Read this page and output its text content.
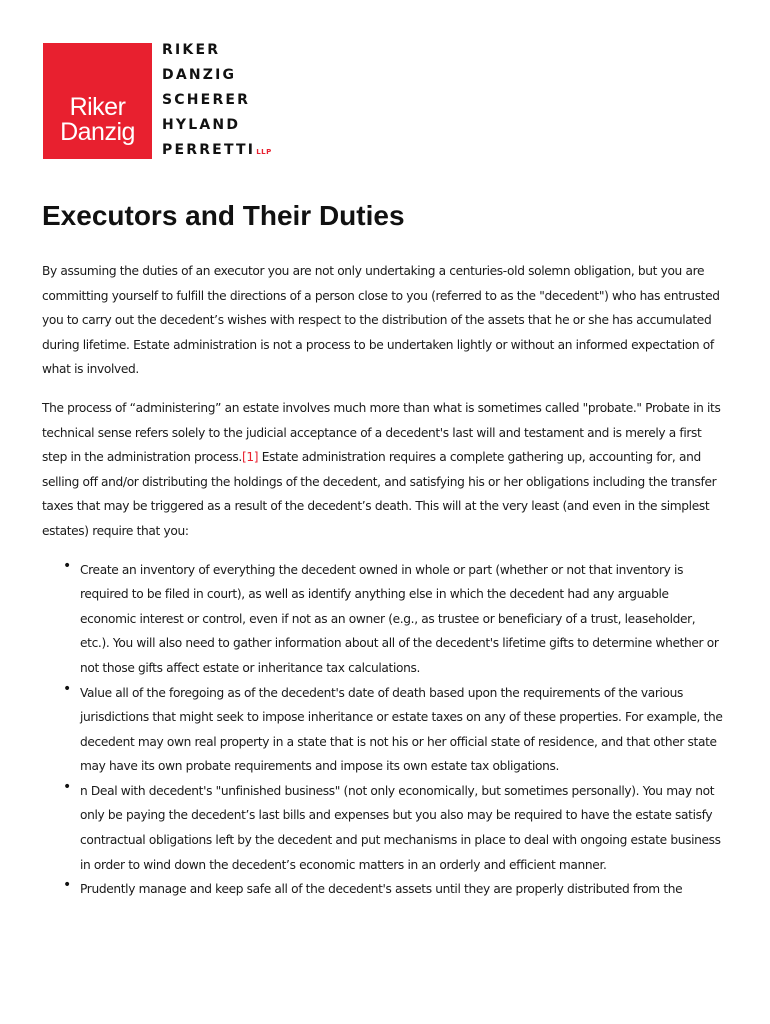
Riker
Danzig
RIKER
DANZIG
SCHERER
HYLAND
PERRETTILLP
Executors and Their Duties

By assuming the duties of an executor you are not only undertaking a centuries-old solemn obligation, but you are committing yourself to fulfill the directions of a person close to you (referred to as the "decedent") who has entrusted you to carry out the decedent’s wishes with respect to the distribution of the assets that he or she has accumulated during lifetime. Estate administration is not a process to be undertaken lightly or without an informed expectation of what is involved.

The process of “administering” an estate involves much more than what is sometimes called "probate." Probate in its technical sense refers solely to the judicial acceptance of a decedent's last will and testament and is merely a first step in the administration process.[1] Estate administration requires a complete gathering up, accounting for, and selling off and/or distributing the holdings of the decedent, and satisfying his or her obligations including the transfer taxes that may be triggered as a result of the decedent’s death. This will at the very least (and even in the simplest estates) require that you:

• Create an inventory of everything the decedent owned in whole or part (whether or not that inventory is required to be filed in court), as well as identify anything else in which the decedent had any arguable economic interest or control, even if not as an owner (e.g., as trustee or beneficiary of a trust, leaseholder, etc.). You will also need to gather information about all of the decedent's lifetime gifts to determine whether or not those gifts affect estate or inheritance tax calculations.
• Value all of the foregoing as of the decedent's date of death based upon the requirements of the various jurisdictions that might seek to impose inheritance or estate taxes on any of these properties. For example, the decedent may own real property in a state that is not his or her official state of residence, and that other state may have its own probate requirements and impose its own estate tax obligations.
• n Deal with decedent's "unfinished business" (not only economically, but sometimes personally). You may not only be paying the decedent’s last bills and expenses but you also may be required to have the estate satisfy contractual obligations left by the decedent and put mechanisms in place to deal with ongoing estate business in order to wind down the decedent’s economic matters in an orderly and efficient manner.
• Prudently manage and keep safe all of the decedent's assets until they are properly distributed from the
